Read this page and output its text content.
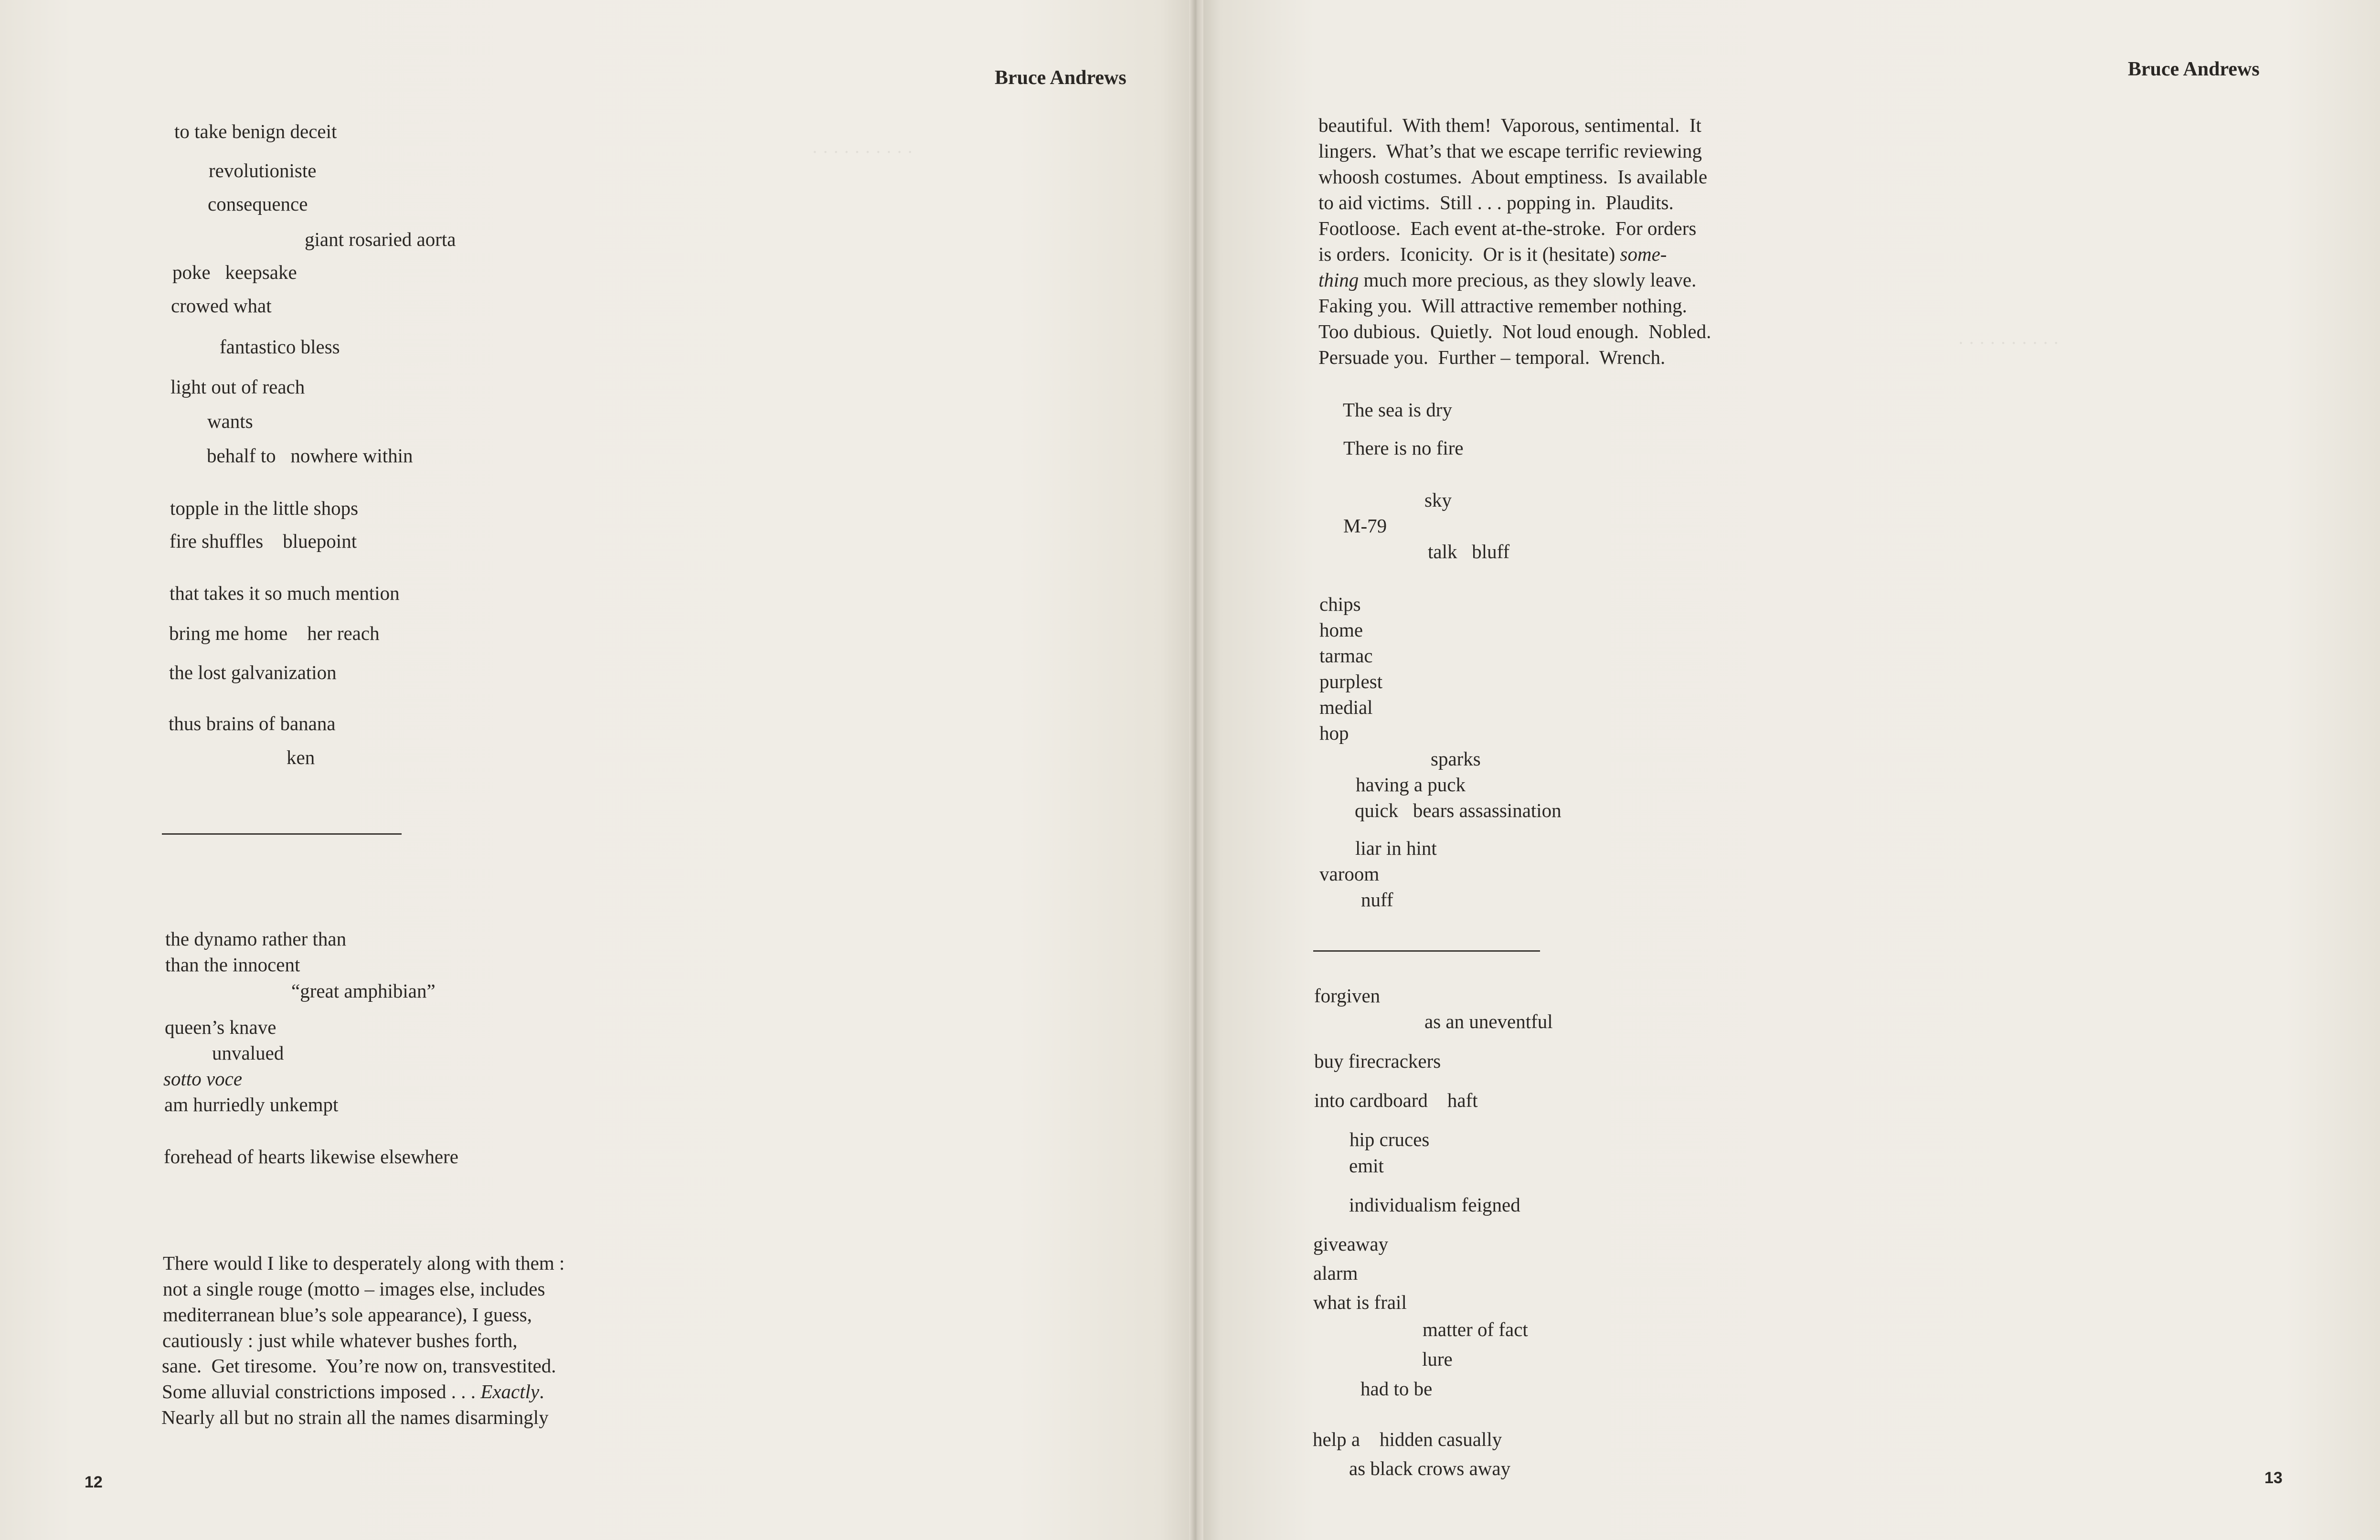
· · · · · · · · · ·
· · · · · · · · · ·
Bruce Andrews	Bruce Andrews
to take benign deceit
revolutioniste
consequence
giant rosaried aorta
poke   keepsake
crowed what
fantastico bless
light out of reach
wants
behalf to   nowhere within
topple in the little shops
fire shuffles    bluepoint
that takes it so much mention
bring me home    her reach
the lost galvanization
thus brains of banana
ken
the dynamo rather than
than the innocent
“great amphibian”
queen’s knave
unvalued
sotto voce
am hurriedly unkempt
forehead of hearts likewise elsewhere
There would I like to desperately along with them :
not a single rouge (motto – images else, includes
mediterranean blue’s sole appearance), I guess,
cautiously : just while whatever bushes forth,
sane.  Get tiresome.  You’re now on, transvestited.
Some alluvial constrictions imposed . . . Exactly.
Nearly all but no strain all the names disarmingly
12
beautiful.  With them!  Vaporous, sentimental.  It
lingers.  What’s that we escape terrific reviewing
whoosh costumes.  About emptiness.  Is available
to aid victims.  Still . . . popping in.  Plaudits.
Footloose.  Each event at-the-stroke.  For orders
is orders.  Iconicity.  Or is it (hesitate) some-
thing much more precious, as they slowly leave.
Faking you.  Will attractive remember nothing.
Too dubious.  Quietly.  Not loud enough.  Nobled.
Persuade you.  Further – temporal.  Wrench.
The sea is dry
There is no fire
sky
M-79
talk   bluff
chips
home
tarmac
purplest
medial
hop
sparks
having a puck
quick   bears assassination
liar in hint
varoom
nuff
forgiven
as an uneventful
buy firecrackers
into cardboard    haft
hip cruces
emit
individualism feigned
giveaway
alarm
what is frail
matter of fact
lure
had to be
help a    hidden casually
as black crows away	13
